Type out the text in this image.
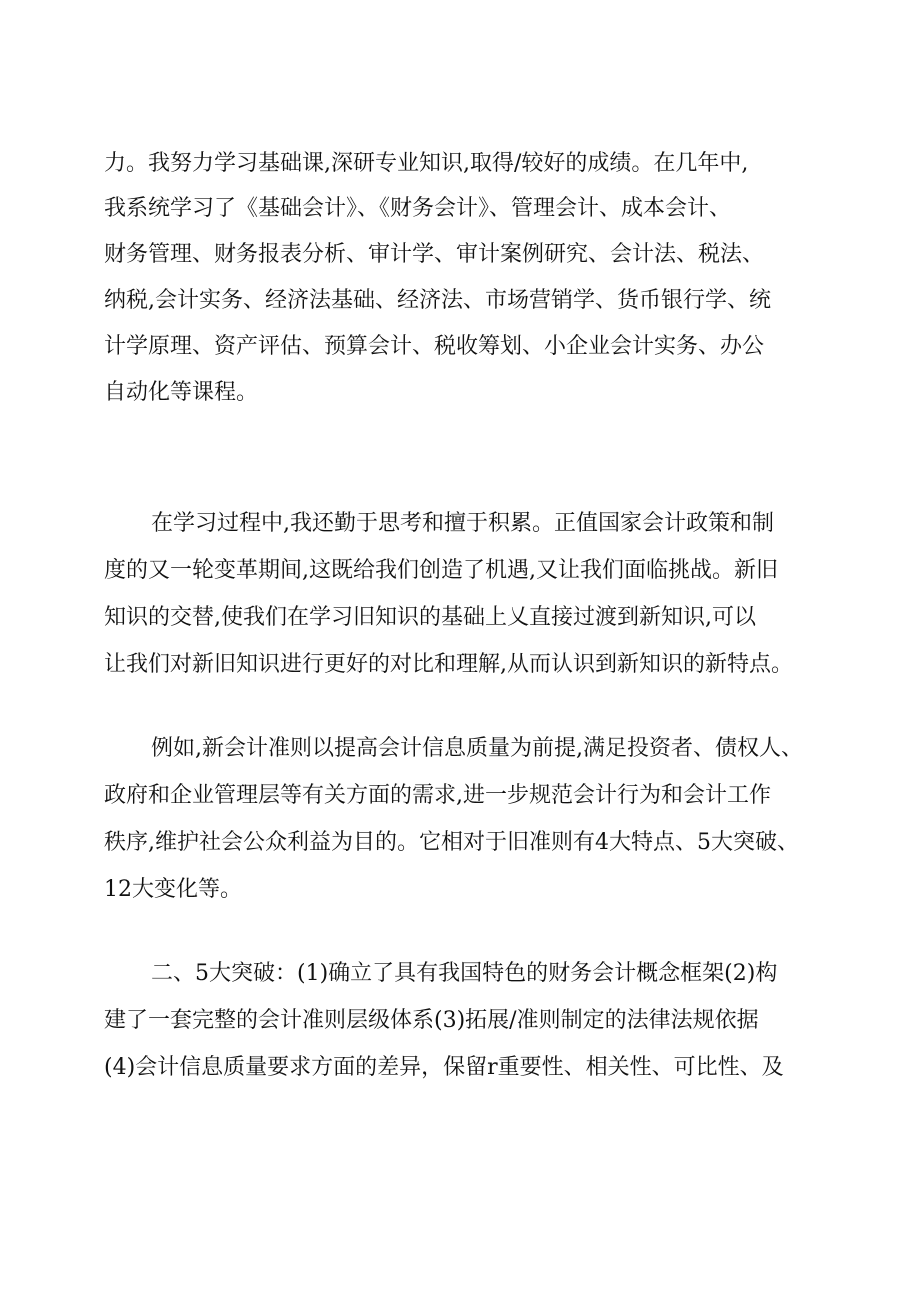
力。我努力学习基础课,深研专业知识,取得/较好的成绩。在几年中,
我系统学习了《基础会计》、《财务会计》、管理会计、成本会计、
财务管理、财务报表分析、审计学、审计案例研究、会计法、税法、
纳税,会计实务、经济法基础、经济法、市场营销学、货币银行学、统
计学原理、资产评估、预算会计、税收筹划、小企业会计实务、办公
自动化等课程。
在学习过程中,我还勤于思考和擅于积累。正值国家会计政策和制
度的又一轮变革期间,这既给我们创造了机遇,又让我们面临挑战。新旧
知识的交替,使我们在学习旧知识的基础上乂直接过渡到新知识,可以
让我们对新旧知识进行更好的对比和理解,从而认识到新知识的新特点。
例如,新会计准则以提高会计信息质量为前提,满足投资者、债权人、
政府和企业管理层等有关方面的需求,进一步规范会计行为和会计工作
秩序,维护社会公众利益为目的。它相对于旧准则有4大特点、5大突破、
12大变化等。
二、5大突破：(1)确立了具有我国特色的财务会计概念框架(2)构
建了一套完整的会计准则层级体系(3)拓展/准则制定的法律法规依据
(4)会计信息质量要求方面的差异，保留r重要性、相关性、可比性、及
